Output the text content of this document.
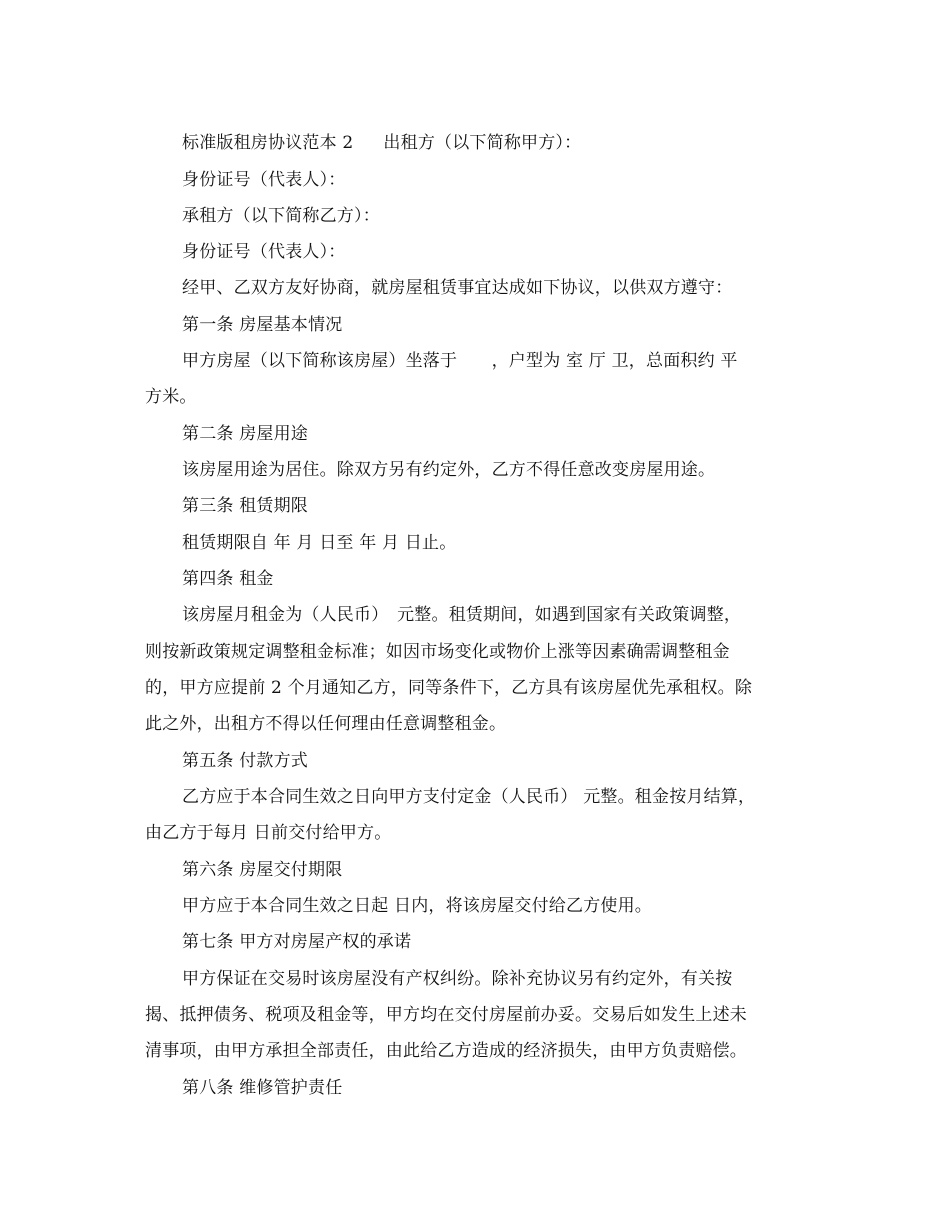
标准版租房协议范本 2 出租方（以下简称甲方）：
身份证号（代表人）：
承租方（以下简称乙方）：
身份证号（代表人）：
经甲、乙双方友好协商，就房屋租赁事宜达成如下协议，以供双方遵守：
第一条 房屋基本情况
甲方房屋（以下简称该房屋）坐落于　　，户型为 室 厅 卫，总面积约 平
方米。
第二条 房屋用途
该房屋用途为居住。除双方另有约定外，乙方不得任意改变房屋用途。
第三条 租赁期限
租赁期限自 年 月 日至 年 月 日止。
第四条 租金
该房屋月租金为（人民币）　元整。租赁期间，如遇到国家有关政策调整，
则按新政策规定调整租金标准；如因市场变化或物价上涨等因素确需调整租金
的，甲方应提前 2 个月通知乙方，同等条件下，乙方具有该房屋优先承租权。除
此之外，出租方不得以任何理由任意调整租金。
第五条 付款方式
乙方应于本合同生效之日向甲方支付定金（人民币） 元整。租金按月结算，
由乙方于每月 日前交付给甲方。
第六条 房屋交付期限
甲方应于本合同生效之日起 日内，将该房屋交付给乙方使用。
第七条 甲方对房屋产权的承诺
甲方保证在交易时该房屋没有产权纠纷。除补充协议另有约定外，有关按
揭、抵押债务、税项及租金等，甲方均在交付房屋前办妥。交易后如发生上述未
清事项，由甲方承担全部责任，由此给乙方造成的经济损失，由甲方负责赔偿。
第八条 维修管护责任
